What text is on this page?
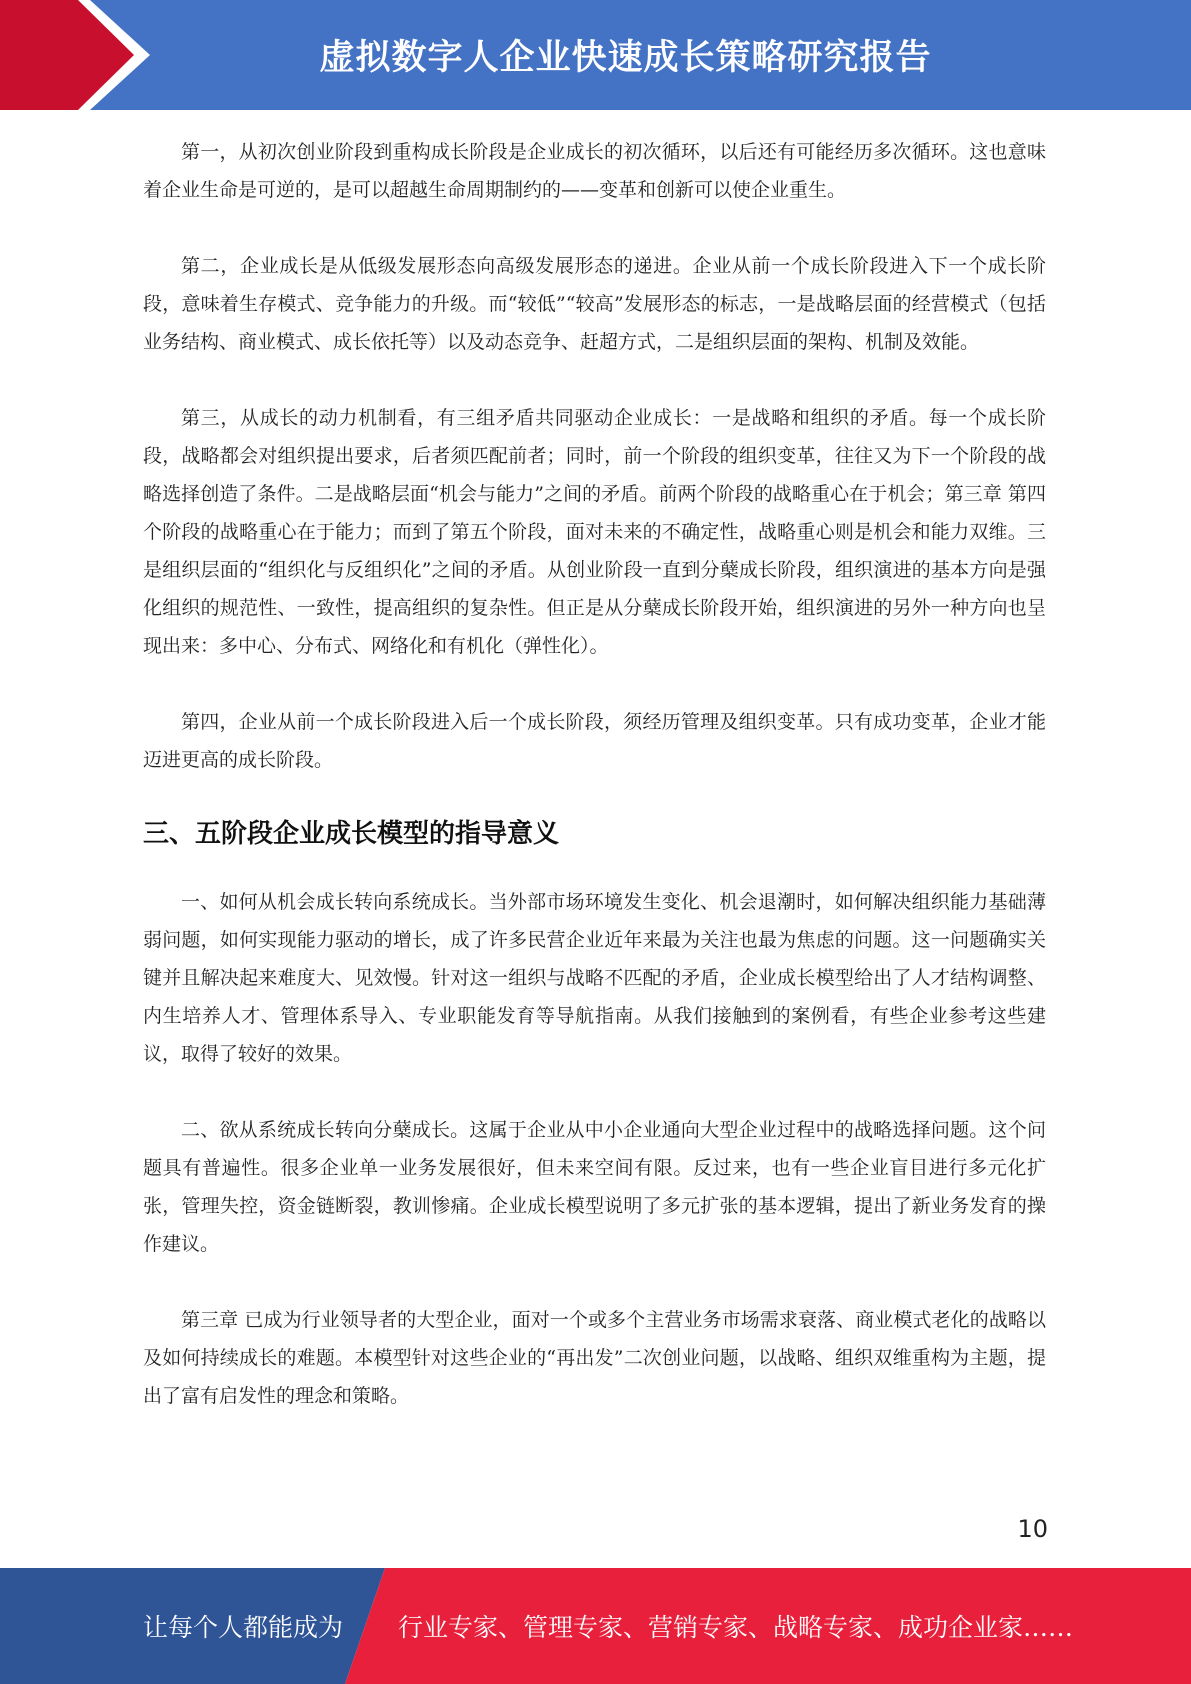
虚拟数字人企业快速成长策略研究报告

第一，从初次创业阶段到重构成长阶段是企业成长的初次循环，以后还有可能经历多次循环。这也意味着企业生命是可逆的，是可以超越生命周期制约的——变革和创新可以使企业重生。

第二，企业成长是从低级发展形态向高级发展形态的递进。企业从前一个成长阶段进入下一个成长阶段，意味着生存模式、竞争能力的升级。而“较低”“较高”发展形态的标志，一是战略层面的经营模式（包括业务结构、商业模式、成长依托等）以及动态竞争、赶超方式，二是组织层面的架构、机制及效能。

第三，从成长的动力机制看，有三组矛盾共同驱动企业成长：一是战略和组织的矛盾。每一个成长阶段，战略都会对组织提出要求，后者须匹配前者；同时，前一个阶段的组织变革，往往又为下一个阶段的战略选择创造了条件。二是战略层面“机会与能力”之间的矛盾。前两个阶段的战略重心在于机会；第三章 第四个阶段的战略重心在于能力；而到了第五个阶段，面对未来的不确定性，战略重心则是机会和能力双维。三是组织层面的“组织化与反组织化”之间的矛盾。从创业阶段一直到分蘖成长阶段，组织演进的基本方向是强化组织的规范性、一致性，提高组织的复杂性。但正是从分蘖成长阶段开始，组织演进的另外一种方向也呈现出来：多中心、分布式、网络化和有机化（弹性化）。

第四，企业从前一个成长阶段进入后一个成长阶段，须经历管理及组织变革。只有成功变革，企业才能迈进更高的成长阶段。

三、五阶段企业成长模型的指导意义

一、如何从机会成长转向系统成长。当外部市场环境发生变化、机会退潮时，如何解决组织能力基础薄弱问题，如何实现能力驱动的增长，成了许多民营企业近年来最为关注也最为焦虑的问题。这一问题确实关键并且解决起来难度大、见效慢。针对这一组织与战略不匹配的矛盾，企业成长模型给出了人才结构调整、内生培养人才、管理体系导入、专业职能发育等导航指南。从我们接触到的案例看，有些企业参考这些建议，取得了较好的效果。

二、欲从系统成长转向分蘖成长。这属于企业从中小企业通向大型企业过程中的战略选择问题。这个问题具有普遍性。很多企业单一业务发展很好，但未来空间有限。反过来，也有一些企业盲目进行多元化扩张，管理失控，资金链断裂，教训惨痛。企业成长模型说明了多元扩张的基本逻辑，提出了新业务发育的操作建议。

第三章 已成为行业领导者的大型企业，面对一个或多个主营业务市场需求衰落、商业模式老化的战略以及如何持续成长的难题。本模型针对这些企业的“再出发”二次创业问题，以战略、组织双维重构为主题，提出了富有启发性的理念和策略。

10
让每个人都能成为 行业专家、管理专家、营销专家、战略专家、成功企业家……
